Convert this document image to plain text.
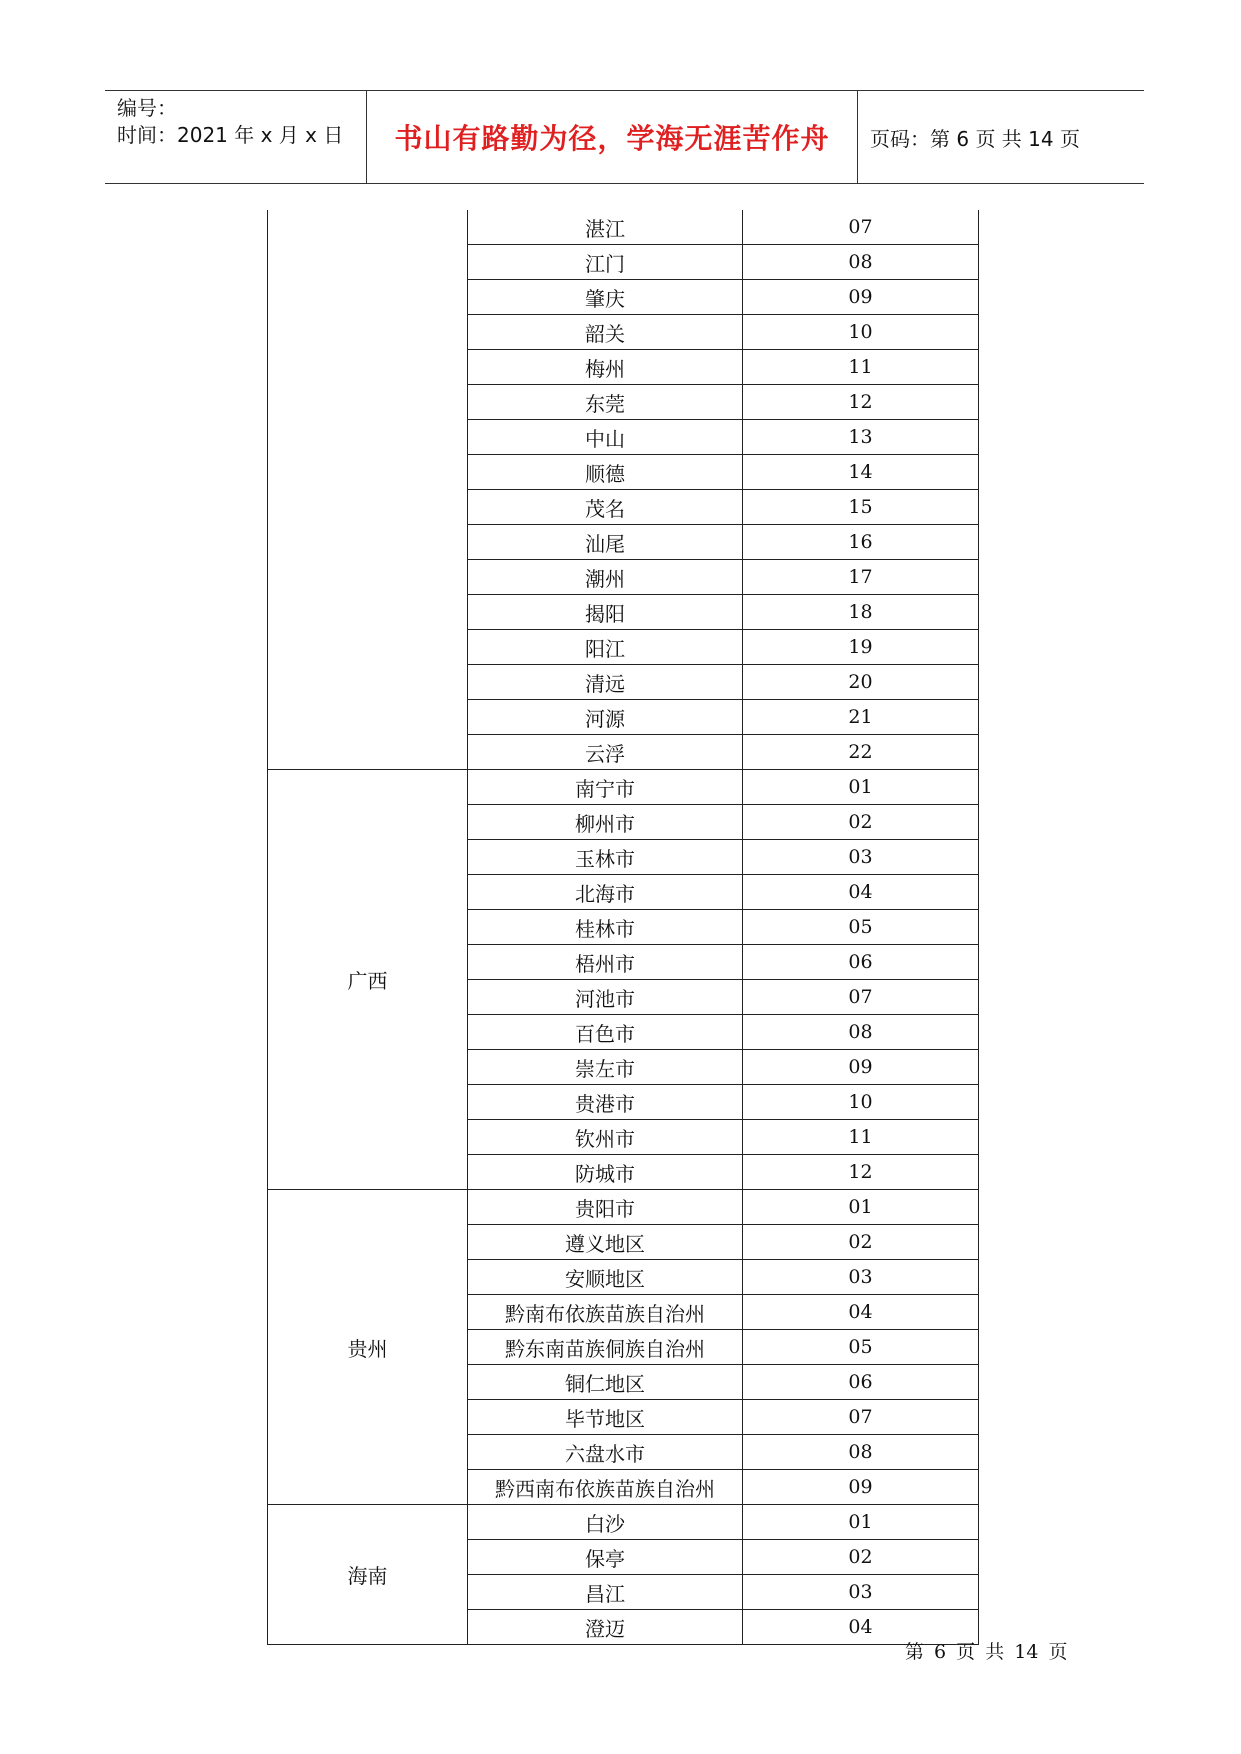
编号：
时间：2021 年 x 月 x 日	书山有路勤为径，学海无涯苦作舟	页码：第 6 页 共 14 页
湛江	07
江门	08
肇庆	09
韶关	10
梅州	11
东莞	12
中山	13
顺德	14
茂名	15
汕尾	16
潮州	17
揭阳	18
阳江	19
清远	20
河源	21
云浮	22
广西
南宁市	01
柳州市	02
玉林市	03
北海市	04
桂林市	05
梧州市	06
河池市	07
百色市	08
崇左市	09
贵港市	10
钦州市	11
防城市	12
贵州
贵阳市	01
遵义地区	02
安顺地区	03
黔南布依族苗族自治州	04
黔东南苗族侗族自治州	05
铜仁地区	06
毕节地区	07
六盘水市	08
黔西南布依族苗族自治州	09
海南
白沙	01
保亭	02
昌江	03
澄迈	04
第 6 页 共 14 页
